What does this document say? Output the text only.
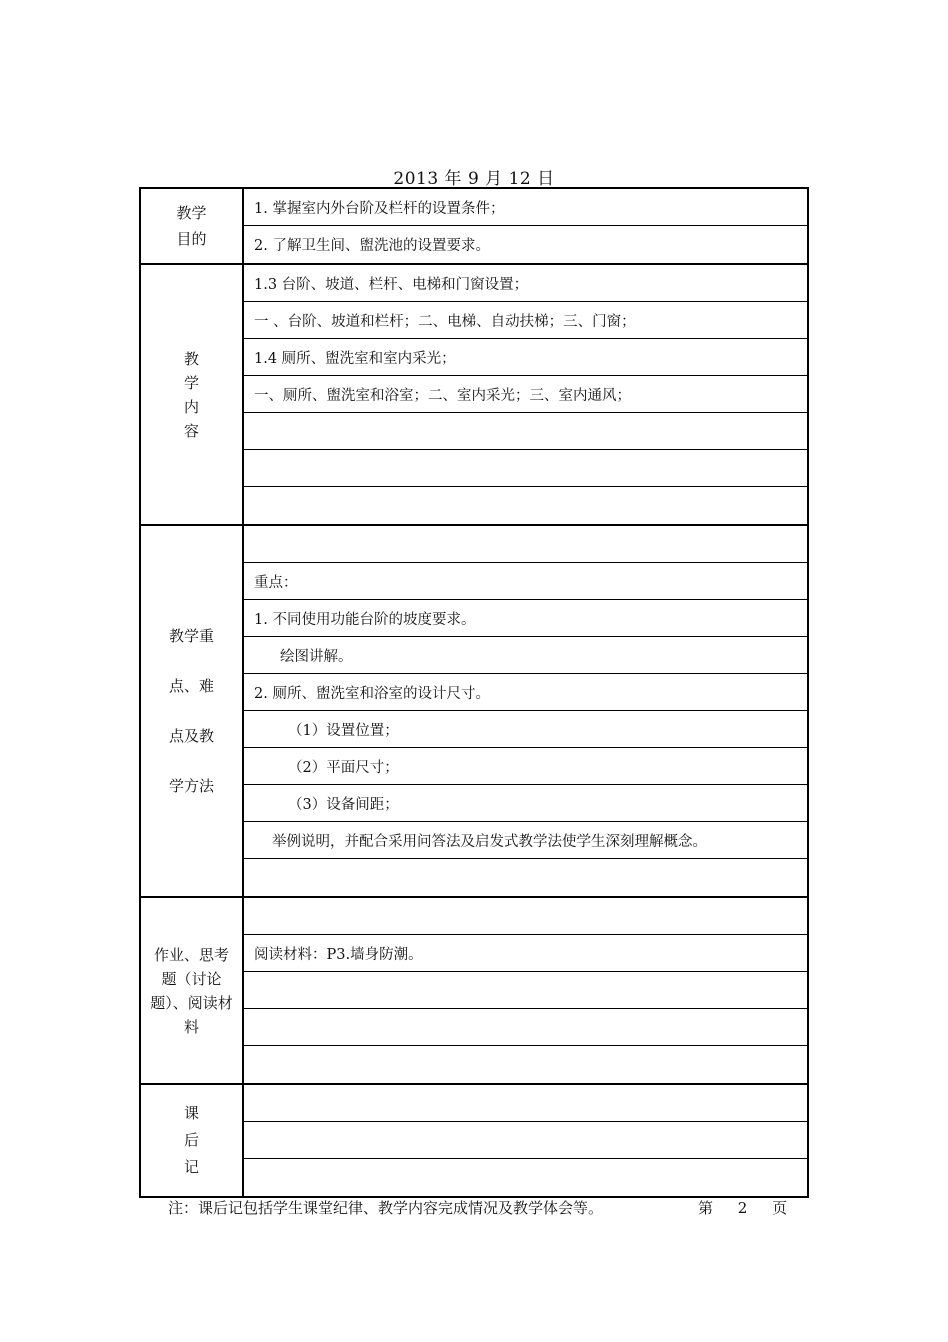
2013 年 9 月 12 日
教学
目的
1. 掌握室内外台阶及栏杆的设置条件；
2. 了解卫生间、盥洗池的设置要求。
教
学
内
容
1.3 台阶、坡道、栏杆、电梯和门窗设置；
一 、台阶、坡道和栏杆；二、电梯、自动扶梯；三、门窗；
1.4 厕所、盥洗室和室内采光；
一、厕所、盥洗室和浴室；二、室内采光；三、室内通风；
教学重
点、难
点及教
学方法
重点：
1. 不同使用功能台阶的坡度要求。
绘图讲解。
2. 厕所、盥洗室和浴室的设计尺寸。
（1）设置位置；
（2）平面尺寸；
（3）设备间距；
举例说明，并配合采用问答法及启发式教学法使学生深刻理解概念。
作业、思考
题（讨论
题）、阅读材
料
阅读材料：P3.墙身防潮。
课
后
记
注：课后记包括学生课堂纪律、教学内容完成情况及教学体会等。	第 2 页
